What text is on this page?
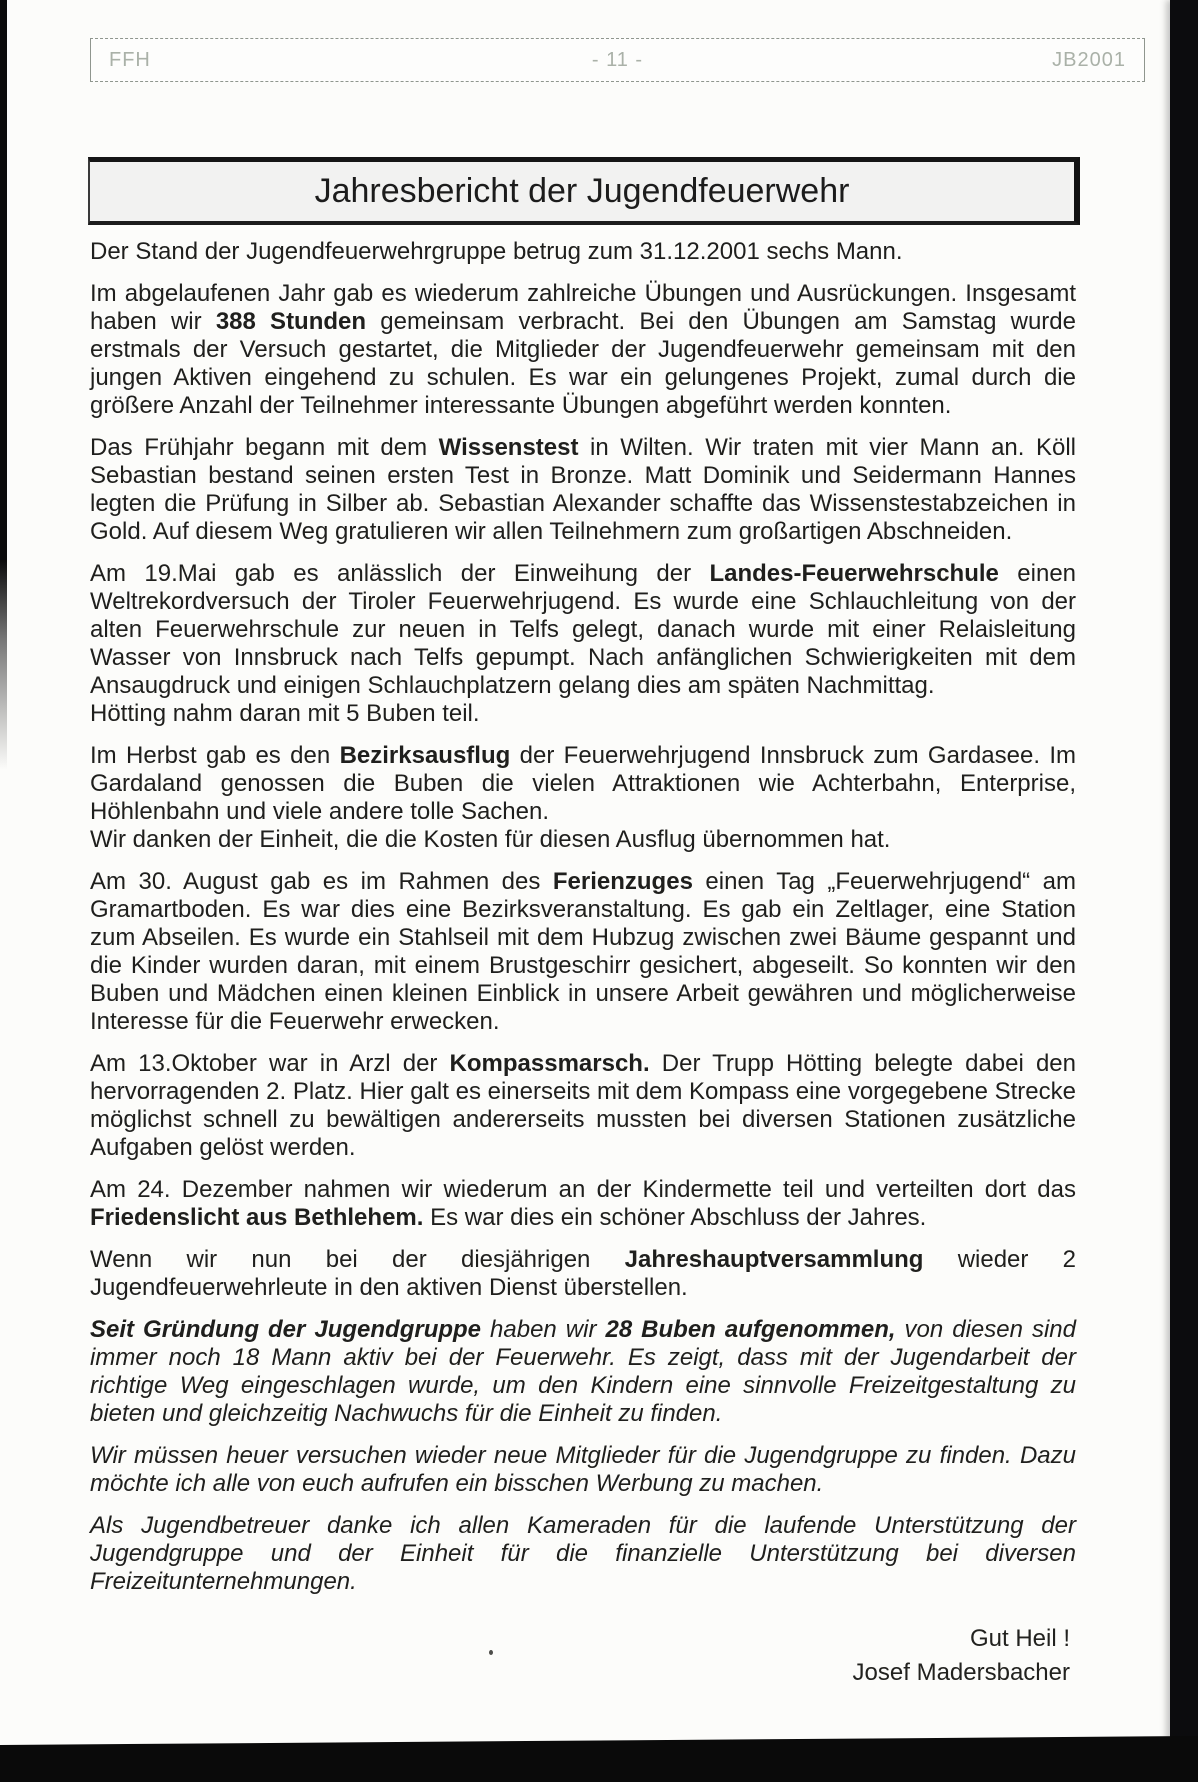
FFH	- 11 -	JB2001
Jahresbericht der Jugendfeuerwehr

Der Stand der Jugendfeuerwehrgruppe betrug zum 31.12.2001 sechs Mann.

Im abgelaufenen Jahr gab es wiederum zahlreiche Übungen und Ausrückungen. Insgesamt haben wir 388 Stunden gemeinsam verbracht. Bei den Übungen am Samstag wurde erstmals der Versuch gestartet, die Mitglieder der Jugendfeuerwehr gemeinsam mit den jungen Aktiven eingehend zu schulen. Es war ein gelungenes Projekt, zumal durch die größere Anzahl der Teilnehmer interessante Übungen abgeführt werden konnten.

Das Frühjahr begann mit dem Wissenstest in Wilten. Wir traten mit vier Mann an. Köll Sebastian bestand seinen ersten Test in Bronze. Matt Dominik und Seidermann Hannes legten die Prüfung in Silber ab. Sebastian Alexander schaffte das Wissenstestabzeichen in Gold. Auf diesem Weg gratulieren wir allen Teilnehmern zum großartigen Abschneiden.

Am 19.Mai gab es anlässlich der Einweihung der Landes-Feuerwehrschule einen Weltrekordversuch der Tiroler Feuerwehrjugend. Es wurde eine Schlauchleitung von der alten Feuerwehrschule zur neuen in Telfs gelegt, danach wurde mit einer Relaisleitung Wasser von Innsbruck nach Telfs gepumpt. Nach anfänglichen Schwierigkeiten mit dem Ansaugdruck und einigen Schlauchplatzern gelang dies am späten Nachmittag.
Hötting nahm daran mit 5 Buben teil.

Im Herbst gab es den Bezirksausflug der Feuerwehrjugend Innsbruck zum Gardasee. Im Gardaland genossen die Buben die vielen Attraktionen wie Achterbahn, Enterprise, Höhlenbahn und viele andere tolle Sachen.
Wir danken der Einheit, die die Kosten für diesen Ausflug übernommen hat.

Am 30. August gab es im Rahmen des Ferienzuges einen Tag „Feuerwehrjugend“ am Gramartboden. Es war dies eine Bezirksveranstaltung. Es gab ein Zeltlager, eine Station zum Abseilen. Es wurde ein Stahlseil mit dem Hubzug zwischen zwei Bäume gespannt und die Kinder wurden daran, mit einem Brustgeschirr gesichert, abgeseilt. So konnten wir den Buben und Mädchen einen kleinen Einblick in unsere Arbeit gewähren und möglicherweise Interesse für die Feuerwehr erwecken.

Am 13.Oktober war in Arzl der Kompassmarsch. Der Trupp Hötting belegte dabei den hervorragenden 2. Platz. Hier galt es einerseits mit dem Kompass eine vorgegebene Strecke möglichst schnell zu bewältigen andererseits mussten bei diversen Stationen zusätzliche Aufgaben gelöst werden.

Am 24. Dezember nahmen wir wiederum an der Kindermette teil und verteilten dort das Friedenslicht aus Bethlehem. Es war dies ein schöner Abschluss der Jahres.

Wenn wir nun bei der diesjährigen Jahreshauptversammlung wieder 2 Jugendfeuerwehrleute in den aktiven Dienst überstellen.

Seit Gründung der Jugendgruppe haben wir 28 Buben aufgenommen, von diesen sind immer noch 18 Mann aktiv bei der Feuerwehr. Es zeigt, dass mit der Jugendarbeit der richtige Weg eingeschlagen wurde, um den Kindern eine sinnvolle Freizeitgestaltung zu bieten und gleichzeitig Nachwuchs für die Einheit zu finden.

Wir müssen heuer versuchen wieder neue Mitglieder für die Jugendgruppe zu finden. Dazu möchte ich alle von euch aufrufen ein bisschen Werbung zu machen.

Als Jugendbetreuer danke ich allen Kameraden für die laufende Unterstützung der Jugendgruppe und der Einheit für die finanzielle Unterstützung bei diversen Freizeitunternehmungen.

Gut Heil !
Josef Madersbacher
